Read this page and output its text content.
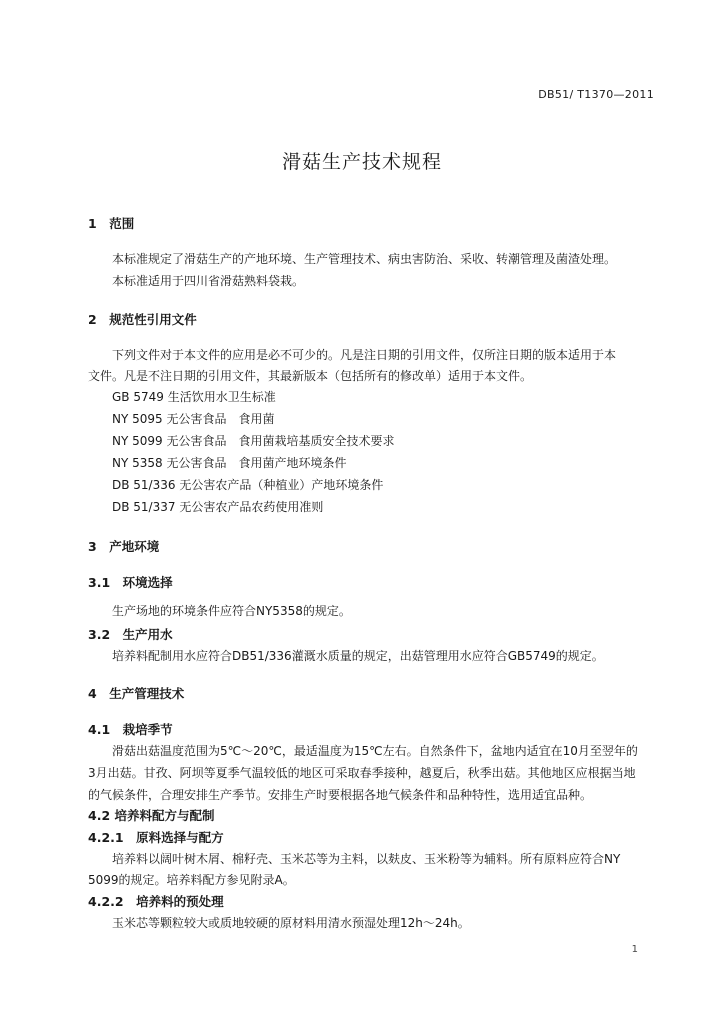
DB51/ T1370—2011
滑菇生产技术规程
1　范围
本标准规定了滑菇生产的产地环境、生产管理技术、病虫害防治、采收、转潮管理及菌渣处理。
本标准适用于四川省滑菇熟料袋栽。
2　规范性引用文件
下列文件对于本文件的应用是必不可少的。凡是注日期的引用文件，仅所注日期的版本适用于本
文件。凡是不注日期的引用文件，其最新版本（包括所有的修改单）适用于本文件。
GB 5749 生活饮用水卫生标准
NY 5095 无公害食品　食用菌
NY 5099 无公害食品　食用菌栽培基质安全技术要求
NY 5358 无公害食品　食用菌产地环境条件
DB 51/336 无公害农产品（种植业）产地环境条件
DB 51/337 无公害农产品农药使用准则
3　产地环境
3.1　环境选择
生产场地的环境条件应符合NY5358的规定。
3.2　生产用水
培养料配制用水应符合DB51/336灌溉水质量的规定，出菇管理用水应符合GB5749的规定。
4　生产管理技术
4.1　栽培季节
滑菇出菇温度范围为5℃～20℃，最适温度为15℃左右。自然条件下，盆地内适宜在10月至翌年的
3月出菇。甘孜、阿坝等夏季气温较低的地区可采取春季接种，越夏后，秋季出菇。其他地区应根据当地
的气候条件，合理安排生产季节。安排生产时要根据各地气候条件和品种特性，选用适宜品种。
4.2 培养料配方与配制
4.2.1　原料选择与配方
培养料以阔叶树木屑、棉籽壳、玉米芯等为主料，以麸皮、玉米粉等为辅料。所有原料应符合NY
5099的规定。培养料配方参见附录A。
4.2.2　培养料的预处理
玉米芯等颗粒较大或质地较硬的原材料用清水预湿处理12h～24h。
1
